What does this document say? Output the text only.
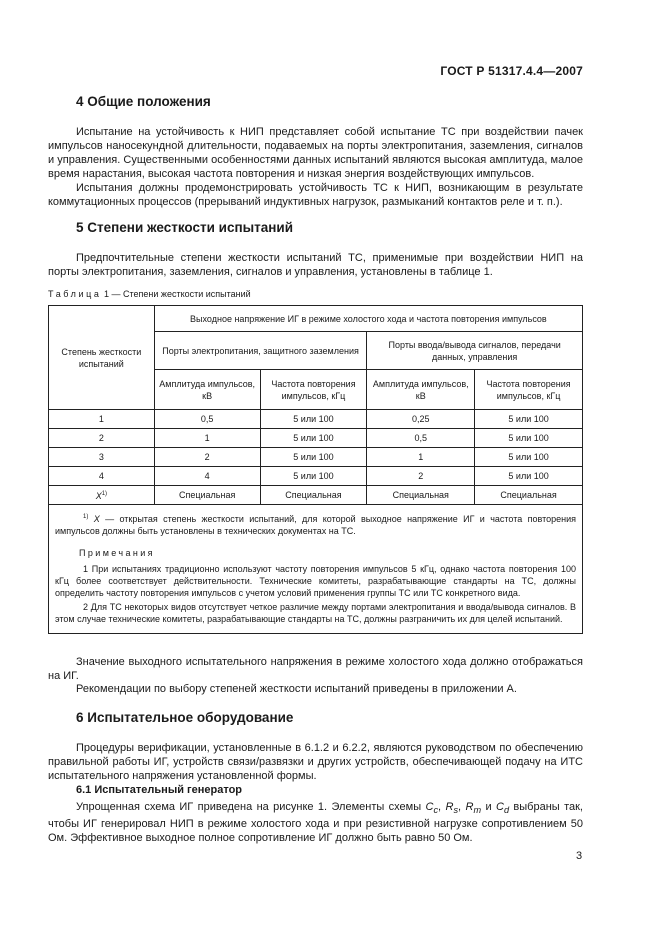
ГОСТ Р 51317.4.4—2007
4 Общие положения
Испытание на устойчивость к НИП представляет собой испытание ТС при воздействии пачек импульсов наносекундной длительности, подаваемых на порты электропитания, заземления, сигналов и управления. Существенными особенностями данных испытаний являются высокая амплитуда, малое время нарастания, высокая частота повторения и низкая энергия воздействующих импульсов.
Испытания должны продемонстрировать устойчивость ТС к НИП, возникающим в результате коммутационных процессов (прерываний индуктивных нагрузок, размыканий контактов реле и т. п.).
5 Степени жесткости испытаний
Предпочтительные степени жесткости испытаний ТС, применимые при воздействии НИП на порты электропитания, заземления, сигналов и управления, установлены в таблице 1.
Таблица 1 — Степени жесткости испытаний
Степень жесткости испытаний	Выходное напряжение ИГ в режиме холостого хода и частота повторения импульсов			
	Порты электропитания, защитного заземления		Порты ввода/вывода сигналов, передачи данных, управления	
	Амплитуда импульсов, кВ	Частота повторения импульсов, кГц	Амплитуда импульсов, кВ	Частота повторения импульсов, кГц
1	0,5	5 или 100	0,25	5 или 100
2	1	5 или 100	0,5	5 или 100
3	2	5 или 100	1	5 или 100
4	4	5 или 100	2	5 или 100
$X^{1)}$	Специальная	Специальная	Специальная	Специальная

$^{1)}$ X — открытая степень жесткости испытаний, для которой выходное напряжение ИГ и частота повторения импульсов должны быть установлены в технических документах на ТС.
Примечания
1 При испытаниях традиционно используют частоту повторения импульсов 5 кГц, однако частота повторения 100 кГц более соответствует действительности. Технические комитеты, разрабатывающие стандарты на ТС, должны определить частоту повторения импульсов с учетом условий применения группы ТС или ТС конкретного вида.
2 Для ТС некоторых видов отсутствует четкое различие между портами электропитания и ввода/вывода сигналов. В этом случае технические комитеты, разрабатывающие стандарты на ТС, должны разграничить их для целей испытаний.				
Значение выходного испытательного напряжения в режиме холостого хода должно отображаться на ИГ.
Рекомендации по выбору степеней жесткости испытаний приведены в приложении А.
6 Испытательное оборудование
Процедуры верификации, установленные в 6.1.2 и 6.2.2, являются руководством по обеспечению правильной работы ИГ, устройств связи/развязки и других устройств, обеспечивающей подачу на ИТС испытательного напряжения установленной формы.
6.1 Испытательный генератор
Упрощенная схема ИГ приведена на рисунке 1. Элементы схемы $C_c$, $R_s$, $R_m$ и $C_d$ выбраны так, чтобы ИГ генерировал НИП в режиме холостого хода и при резистивной нагрузке сопротивлением 50 Ом. Эффективное выходное полное сопротивление ИГ должно быть равно 50 Ом.
3
